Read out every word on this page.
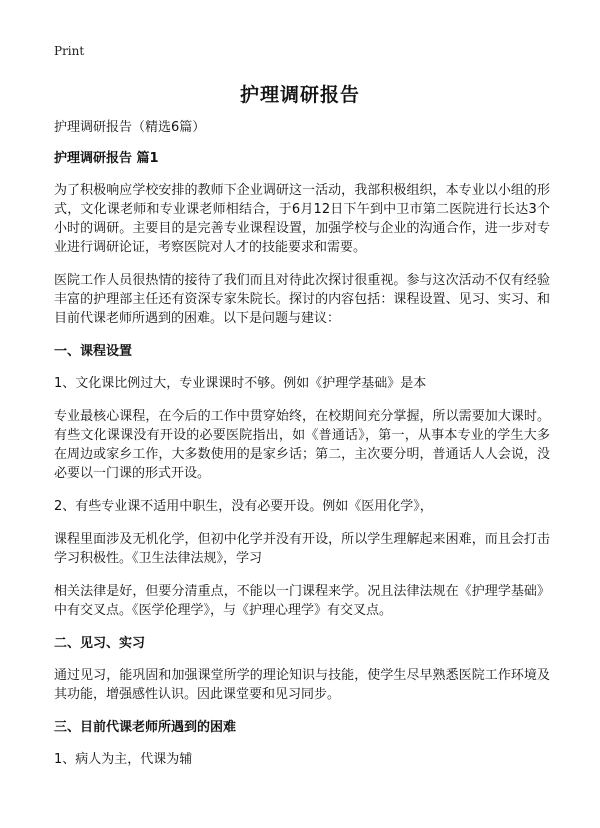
Print
护理调研报告
护理调研报告（精选6篇）
护理调研报告 篇1
为了积极响应学校安排的教师下企业调研这一活动，我部积极组织，本专业以小组的形式，文化课老师和专业课老师相结合，于6月12日下午到中卫市第二医院进行长达3个小时的调研。主要目的是完善专业课程设置，加强学校与企业的沟通合作，进一步对专业进行调研论证，考察医院对人才的技能要求和需要。
医院工作人员很热情的接待了我们而且对待此次探讨很重视。参与这次活动不仅有经验丰富的护理部主任还有资深专家朱院长。探讨的内容包括：课程设置、见习、实习、和目前代课老师所遇到的困难。以下是问题与建议：
一、课程设置
1、文化课比例过大，专业课课时不够。例如《护理学基础》是本
专业最核心课程，在今后的工作中贯穿始终，在校期间充分掌握，所以需要加大课时。有些文化课课没有开设的必要医院指出，如《普通话》，第一，从事本专业的学生大多在周边或家乡工作，大多数使用的是家乡话；第二，主次要分明，普通话人人会说，没必要以一门课的形式开设。
2、有些专业课不适用中职生，没有必要开设。例如《医用化学》，
课程里面涉及无机化学，但初中化学并没有开设，所以学生理解起来困难，而且会打击学习积极性。《卫生法律法规》，学习
相关法律是好，但要分清重点，不能以一门课程来学。况且法律法规在《护理学基础》中有交叉点。《医学伦理学》，与《护理心理学》有交叉点。
二、见习、实习
通过见习，能巩固和加强课堂所学的理论知识与技能，使学生尽早熟悉医院工作环境及其功能，增强感性认识。因此课堂要和见习同步。
三、目前代课老师所遇到的困难
1、病人为主，代课为辅
